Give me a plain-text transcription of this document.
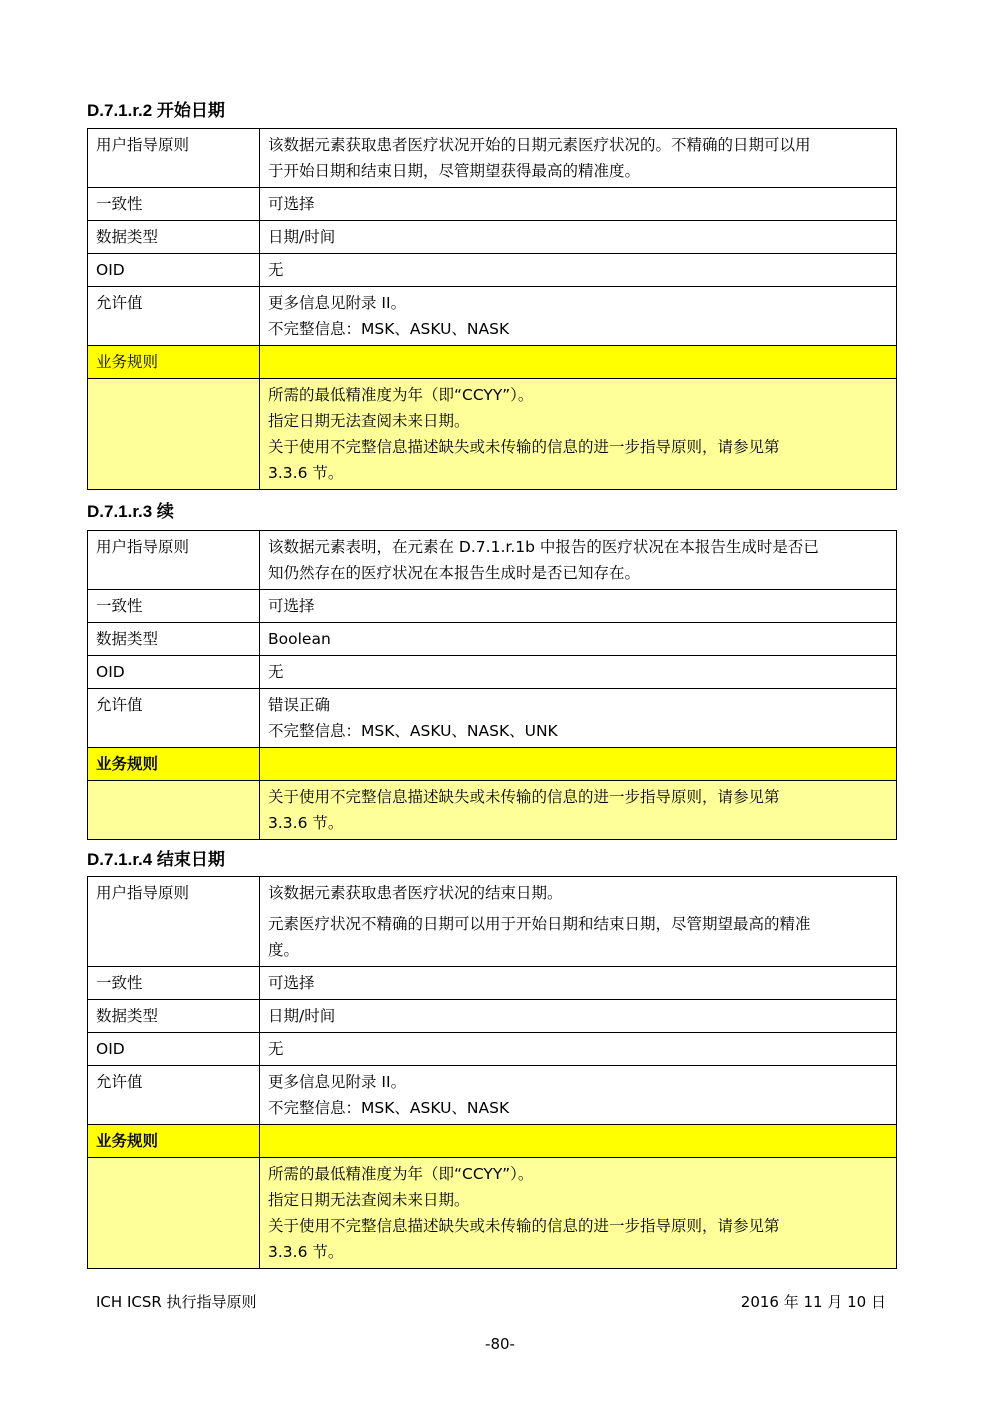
D.7.1.r.2 开始日期
用户指导原则	该数据元素获取患者医疗状况开始的日期元素医疗状况的。不精确的日期可以用
于开始日期和结束日期，尽管期望获得最高的精准度。

一致性	可选择
数据类型	日期/时间
OID	无
允许值	更多信息见附录 II。
不完整信息：MSK、ASKU、NASK

业务规则	

	所需的最低精准度为年（即“CCYY”）。
指定日期无法查阅未来日期。
关于使用不完整信息描述缺失或未传输的信息的进一步指导原则，请参见第
3.3.6 节。
D.7.1.r.3 续
用户指导原则	该数据元素表明，在元素在 D.7.1.r.1b 中报告的医疗状况在本报告生成时是否已
知仍然存在的医疗状况在本报告生成时是否已知存在。

一致性	可选择
数据类型	Boolean
OID	无
允许值	错误正确
不完整信息：MSK、ASKU、NASK、UNK

业务规则	

	关于使用不完整信息描述缺失或未传输的信息的进一步指导原则，请参见第
3.3.6 节。
D.7.1.r.4 结束日期
用户指导原则	该数据元素获取患者医疗状况的结束日期。
元素医疗状况不精确的日期可以用于开始日期和结束日期，尽管期望最高的精准
度。

一致性	可选择
数据类型	日期/时间
OID	无
允许值	更多信息见附录 II。
不完整信息：MSK、ASKU、NASK

业务规则	

	所需的最低精准度为年（即“CCYY”）。
指定日期无法查阅未来日期。
关于使用不完整信息描述缺失或未传输的信息的进一步指导原则，请参见第
3.3.6 节。
ICH ICSR 执行指导原则	2016 年 11 月 10 日
-80-
